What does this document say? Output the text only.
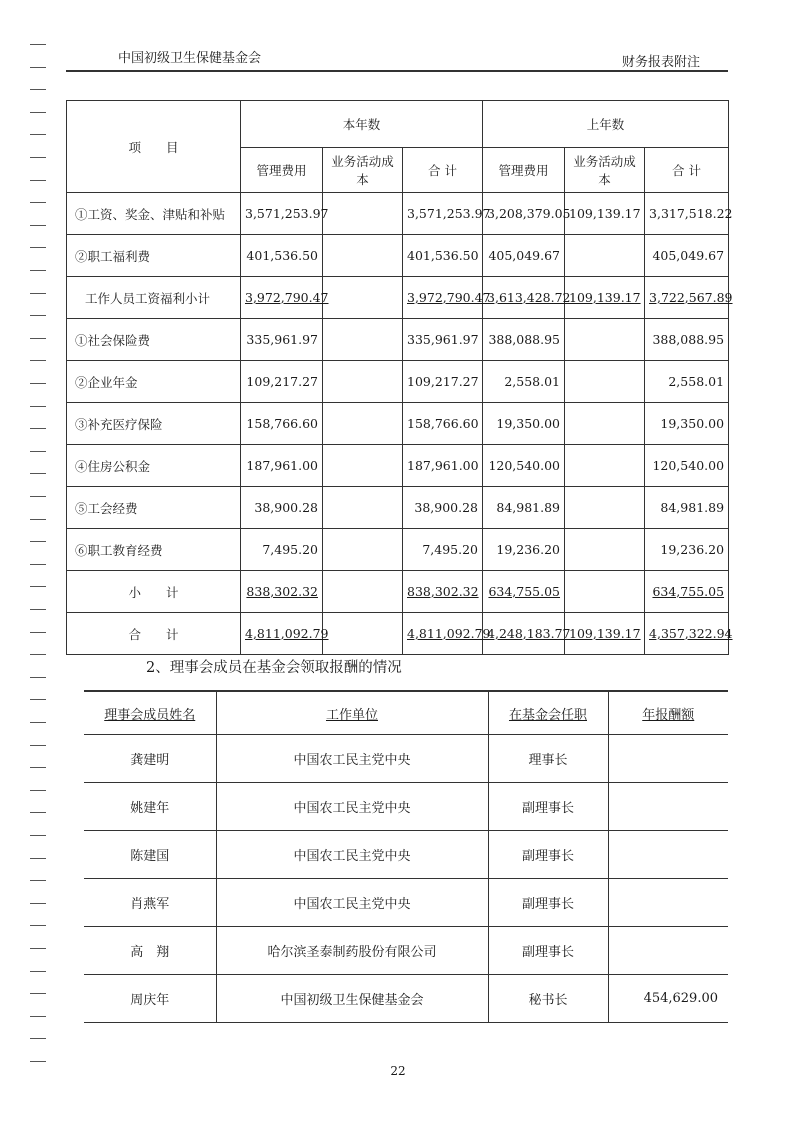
中国初级卫生保健基金会	财务报表附注
项　　目	本年数			上年数		
	管理费用	业务活动成本	合 计	管理费用	业务活动成本	合 计
①工资、奖金、津贴和补贴	3,571,253.97		3,571,253.97	3,208,379.05	109,139.17	3,317,518.22
②职工福利费	401,536.50		401,536.50	405,049.67		405,049.67
工作人员工资福利小计	3,972,790.47		3,972,790.47	3,613,428.72	109,139.17	3,722,567.89
①社会保险费	335,961.97		335,961.97	388,088.95		388,088.95
②企业年金	109,217.27		109,217.27	2,558.01		2,558.01
③补充医疗保险	158,766.60		158,766.60	19,350.00		19,350.00
④住房公积金	187,961.00		187,961.00	120,540.00		120,540.00
⑤工会经费	38,900.28		38,900.28	84,981.89		84,981.89
⑥职工教育经费	7,495.20		7,495.20	19,236.20		19,236.20
小　　计	838,302.32		838,302.32	634,755.05		634,755.05
合　　计	4,811,092.79		4,811,092.79	4,248,183.77	109,139.17	4,357,322.94
2、理事会成员在基金会领取报酬的情况
理事会成员姓名	工作单位	在基金会任职	年报酬额
龚建明	中国农工民主党中央	理事长	
姚建年	中国农工民主党中央	副理事长	
陈建国	中国农工民主党中央	副理事长	
肖燕军	中国农工民主党中央	副理事长	
高　翔	哈尔滨圣泰制药股份有限公司	副理事长	
周庆年	中国初级卫生保健基金会	秘书长	454,629.00
22
